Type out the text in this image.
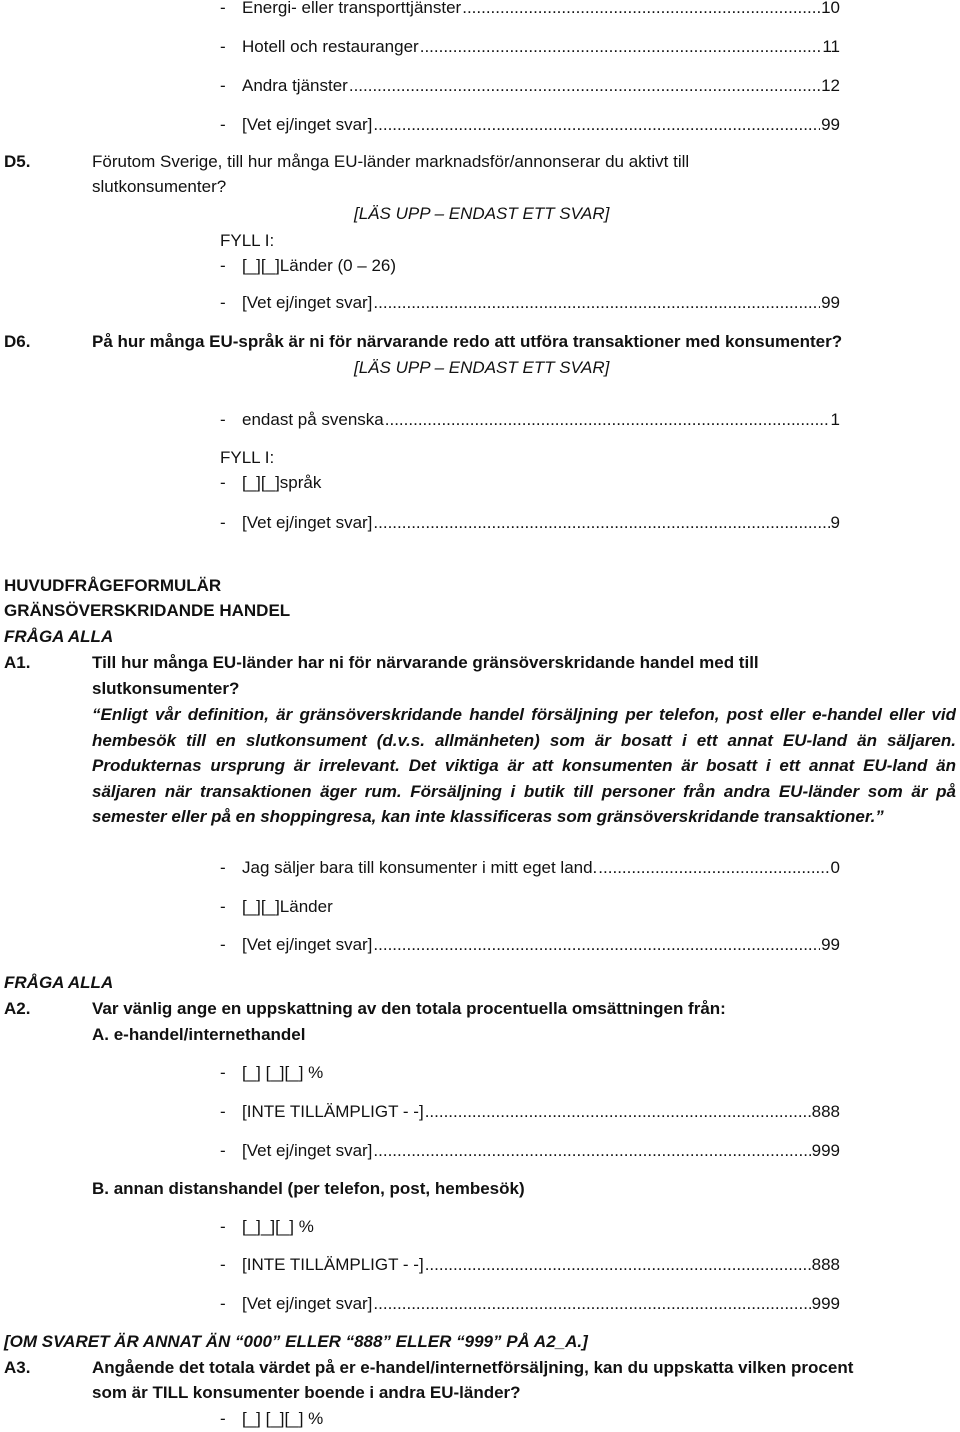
- Energi- eller transporttjänster .....	10
- Hotell och restauranger .....	11
- Andra tjänster .....	12
- [Vet ej/inget svar] .....	99
D5.	Förutom Sverige, till hur många EU-länder marknadsför/annonserar du aktivt till
slutkonsumenter?
[LÄS UPP – ENDAST ETT SVAR]
FYLL I:
- [_][_]Länder (0 – 26)
- [Vet ej/inget svar] .....	99
D6.	På hur många EU-språk är ni för närvarande redo att utföra transaktioner med konsumenter?
[LÄS UPP – ENDAST ETT SVAR]
- endast på svenska .....	1
FYLL I:
- [_][_]språk
- [Vet ej/inget svar] .....	9
HUVUDFRÅGEFORMULÄR
GRÄNSÖVERSKRIDANDE HANDEL
FRÅGA ALLA
A1.	Till hur många EU-länder har ni för närvarande gränsöverskridande handel med till
slutkonsumenter?
“Enligt vår definition, är gränsöverskridande handel försäljning per telefon, post eller e-handel eller vid hembesök till en slutkonsument (d.v.s. allmänheten) som är bosatt i ett annat EU-land än säljaren. Produkternas ursprung är irrelevant. Det viktiga är att konsumenten är bosatt i ett annat EU-land än säljaren när transaktionen äger rum. Försäljning i butik till personer från andra EU-länder som är på semester eller på en shoppingresa, kan inte klassificeras som gränsöverskridande transaktioner.”
- Jag säljer bara till konsumenter i mitt eget land. .....	0
- [_][_]Länder
- [Vet ej/inget svar] .....	99
FRÅGA ALLA
A2.	Var vänlig ange en uppskattning av den totala procentuella omsättningen från:
A. e-handel/internethandel
- [_] [_][_] %
- [INTE TILLÄMPLIGT - -] .....	888
- [Vet ej/inget svar] .....	999
B. annan distanshandel (per telefon, post, hembesök)
- [_]_][_] %
- [INTE TILLÄMPLIGT - -] .....	888
- [Vet ej/inget svar] .....	999
[OM SVARET ÄR ANNAT ÄN “000” ELLER “888” ELLER “999” PÅ A2_A.]
A3.	Angående det totala värdet på er e-handel/internetförsäljning, kan du uppskatta vilken procent
som är TILL konsumenter boende i andra EU-länder?
- [_] [_][_] %
